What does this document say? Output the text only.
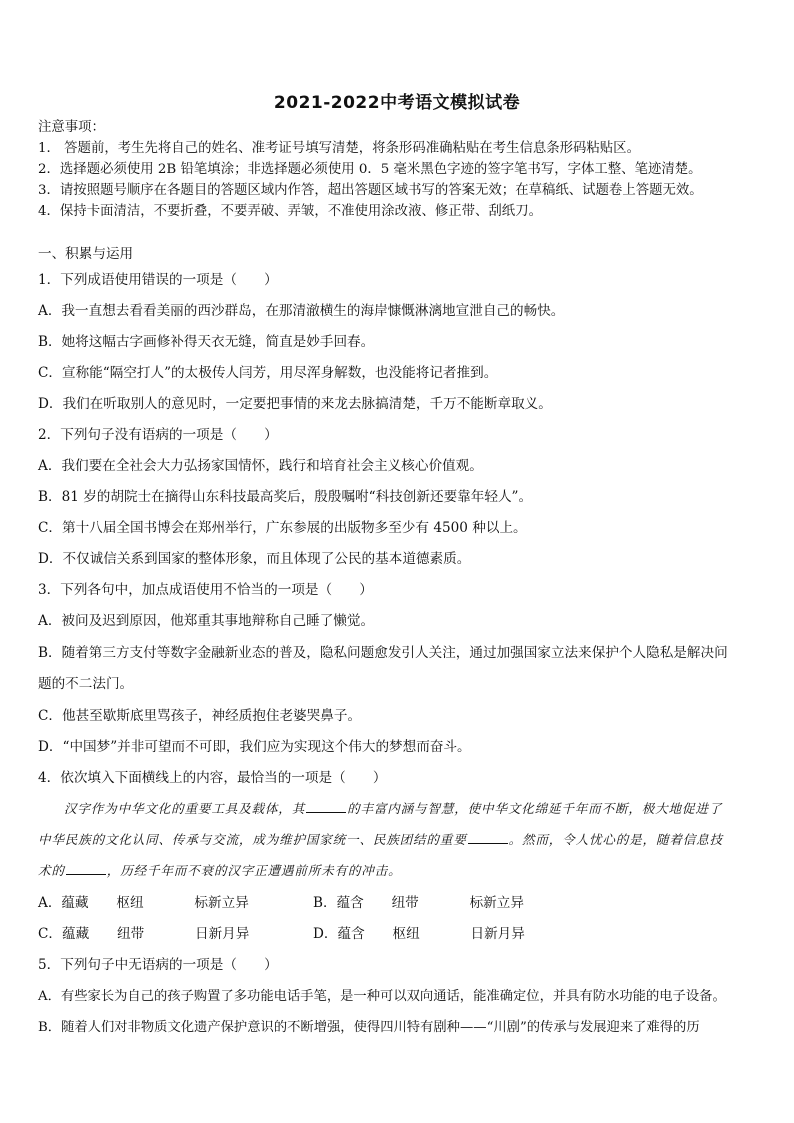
2021-2022中考语文模拟试卷
注意事项：
1． 答题前，考生先将自己的姓名、准考证号填写清楚，将条形码准确粘贴在考生信息条形码粘贴区。
2．选择题必须使用 2B 铅笔填涂；非选择题必须使用 0．5 毫米黑色字迹的签字笔书写，字体工整、笔迹清楚。
3．请按照题号顺序在各题目的答题区域内作答，超出答题区域书写的答案无效；在草稿纸、试题卷上答题无效。
4．保持卡面清洁，不要折叠，不要弄破、弄皱，不准使用涂改液、修正带、刮纸刀。
一、积累与运用
1．下列成语使用错误的一项是（　　）
A．我一直想去看看美丽的西沙群岛，在那清澈横生的海岸慷慨淋漓地宣泄自己的畅快。
B．她将这幅古字画修补得天衣无缝，简直是妙手回春。
C．宣称能“隔空打人”的太极传人闫芳，用尽浑身解数，也没能将记者推到。
D．我们在听取别人的意见时，一定要把事情的来龙去脉搞清楚，千万不能断章取义。
2．下列句子没有语病的一项是（　　）
A．我们要在全社会大力弘扬家国情怀，践行和培育社会主义核心价值观。
B．81 岁的胡院士在摘得山东科技最高奖后，殷殷嘱咐“科技创新还要靠年轻人”。
C．第十八届全国书博会在郑州举行，广东参展的出版物多至少有 4500 种以上。
D．不仅诚信关系到国家的整体形象，而且体现了公民的基本道德素质。
3．下列各句中，加点成语使用不恰当的一项是（　　）
A．被问及迟到原因，他郑重其事地辩称自己睡了懒觉。
B．随着第三方支付等数字金融新业态的普及，隐私问题愈发引人关注，通过加强国家立法来保护个人隐私是解决问
题的不二法门。
C．他甚至歇斯底里骂孩子，神经质抱住老婆哭鼻子。
D．“中国梦”并非可望而不可即，我们应为实现这个伟大的梦想而奋斗。
4．依次填入下面横线上的内容，最恰当的一项是（　　）
汉字作为中华文化的重要工具及载体，其	的丰富内涵与智慧，使中华文化绵延千年而不断，极大地促进了
中华民族的文化认同、传承与交流，成为维护国家统一、民族团结的重要	。然而，令人忧心的是，随着信息技
术的	，历经千年而不衰的汉字正遭遇前所未有的冲击。
A．蕴藏 枢纽	标新立异	B．蕴含 纽带	标新立异
C．蕴藏 纽带	日新月异	D．蕴含 枢纽	日新月异
5．下列句子中无语病的一项是（　　）
A．有些家长为自己的孩子购置了多功能电话手笔，是一种可以双向通话，能准确定位，并具有防水功能的电子设备。
B．随着人们对非物质文化遗产保护意识的不断增强，使得四川特有剧种——“川剧”的传承与发展迎来了难得的历
